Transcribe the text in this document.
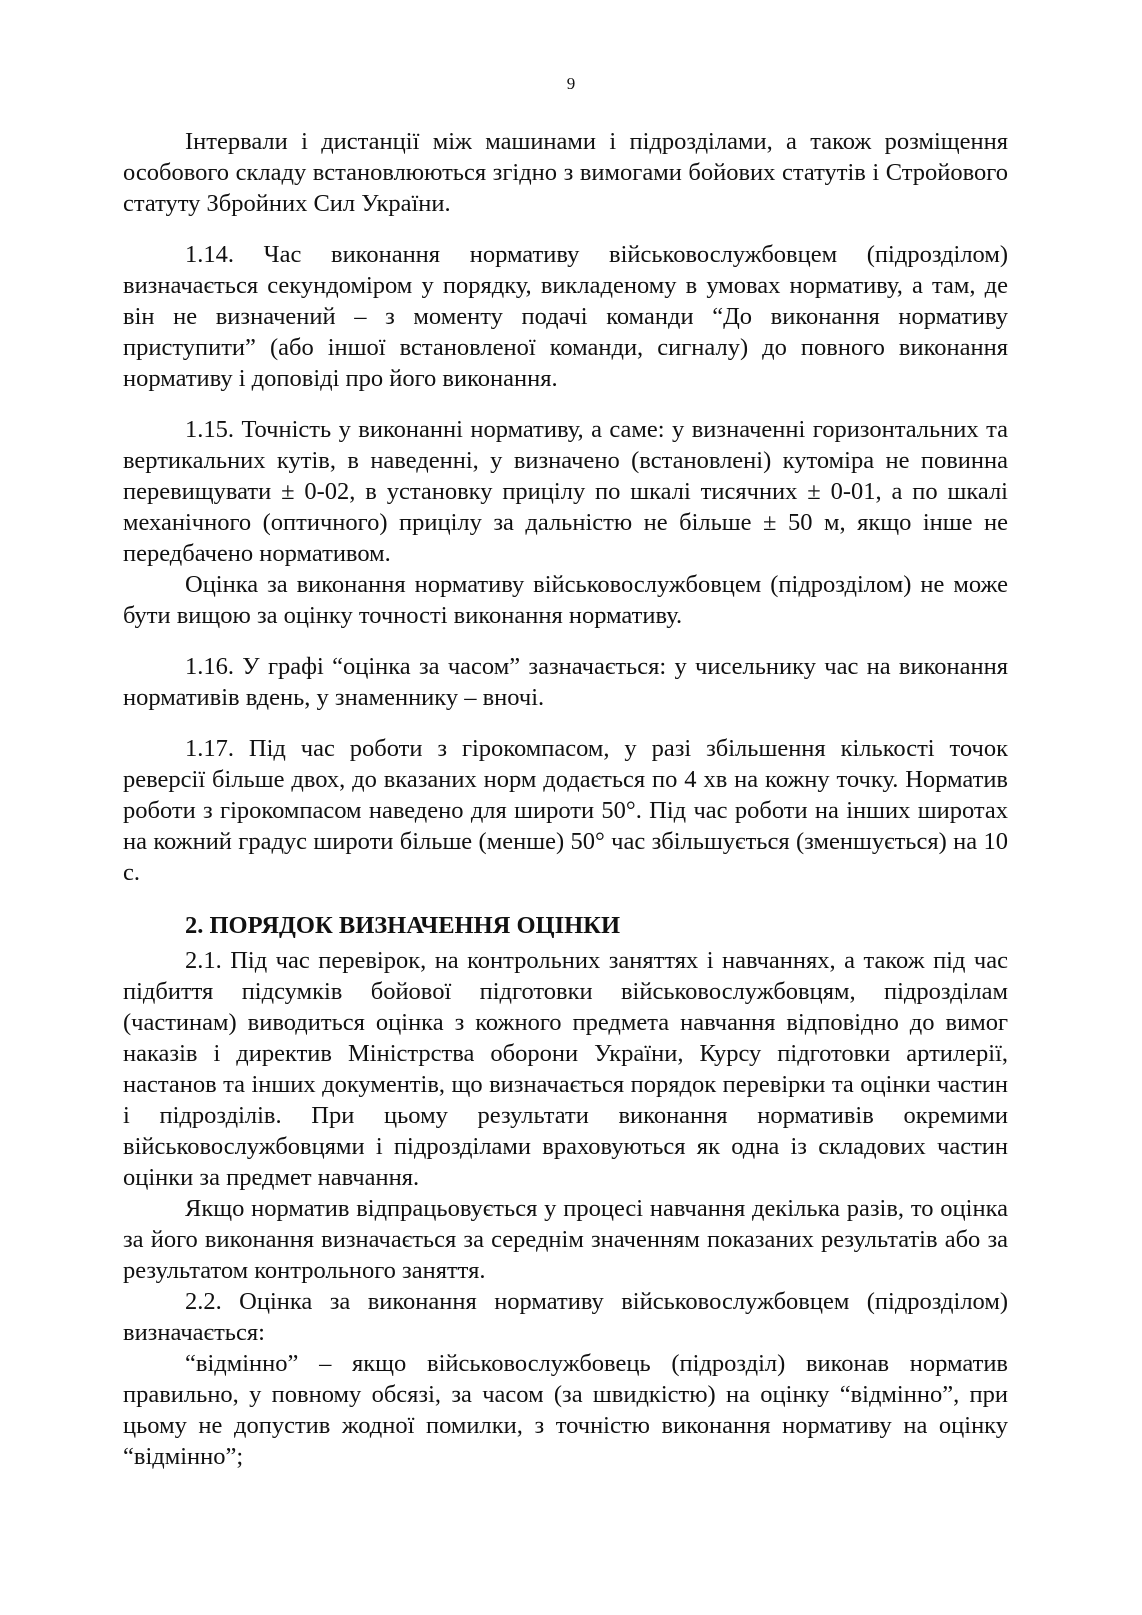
9

Інтервали і дистанції між машинами і підрозділами, а також розміщення особового складу встановлюються згідно з вимогами бойових статутів і Стройового статуту Збройних Сил України.

1.14. Час виконання нормативу військовослужбовцем (підрозділом) визначається секундоміром у порядку, викладеному в умовах нормативу, а там, де він не визначений – з моменту подачі команди “До виконання нормативу приступити” (або іншої встановленої команди, сигналу) до повного виконання нормативу і доповіді про його виконання.

1.15. Точність у виконанні нормативу, а саме: у визначенні горизонтальних та вертикальних кутів, в наведенні, у визначено (встановлені) кутоміра не повинна перевищувати ± 0-02, в установку прицілу по шкалі тисячних ± 0-01, а по шкалі механічного (оптичного) прицілу за дальністю не більше ± 50 м, якщо інше не передбачено нормативом.

Оцінка за виконання нормативу військовослужбовцем (підрозділом) не може бути вищою за оцінку точності виконання нормативу.

1.16. У графі “оцінка за часом” зазначається: у чисельнику час на виконання нормативів вдень, у знаменнику – вночі.

1.17. Під час роботи з гірокомпасом, у разі збільшення кількості точок реверсії більше двох, до вказаних норм додається по 4 хв на кожну точку. Норматив роботи з гірокомпасом наведено для широти 50°. Під час роботи на інших широтах на кожний градус широти більше (менше) 50° час збільшується (зменшується) на 10 с.

2. ПОРЯДОК ВИЗНАЧЕННЯ ОЦІНКИ

2.1. Під час перевірок, на контрольних заняттях і навчаннях, а також під час підбиття підсумків бойової підготовки військовослужбовцям, підрозділам (частинам) виводиться оцінка з кожного предмета навчання відповідно до вимог наказів і директив Міністрства оборони України, Курсу підготовки артилерії, настанов та інших документів, що визначається порядок перевірки та оцінки частин і підрозділів. При цьому результати виконання нормативів окремими військовослужбовцями і підрозділами враховуються як одна із складових частин оцінки за предмет навчання.

Якщо норматив відпрацьовується у процесі навчання декілька разів, то оцінка за його виконання визначається за середнім значенням показаних результатів або за результатом контрольного заняття.

2.2. Оцінка за виконання нормативу військовослужбовцем (підрозділом) визначається:

“відмінно” – якщо військовослужбовець (підрозділ) виконав норматив правильно, у повному обсязі, за часом (за швидкістю) на оцінку “відмінно”, при цьому не допустив жодної помилки, з точністю виконання нормативу на оцінку “відмінно”;
